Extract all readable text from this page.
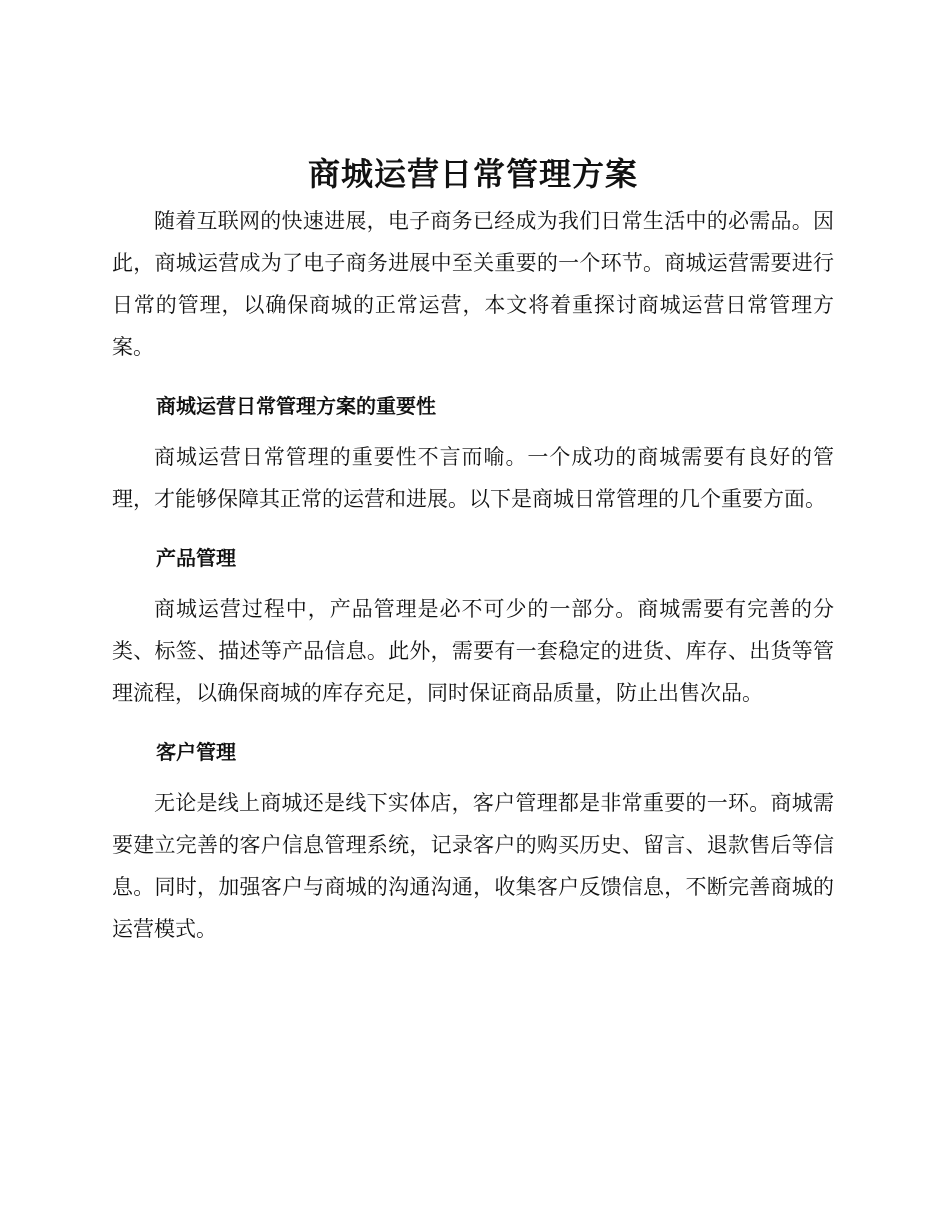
商城运营日常管理方案

随着互联网的快速进展，电子商务已经成为我们日常生活中的必需品。因此，商城运营成为了电子商务进展中至关重要的一个环节。商城运营需要进行日常的管理，以确保商城的正常运营，本文将着重探讨商城运营日常管理方案。

商城运营日常管理方案的重要性

商城运营日常管理的重要性不言而喻。一个成功的商城需要有良好的管理，才能够保障其正常的运营和进展。以下是商城日常管理的几个重要方面。

产品管理

商城运营过程中，产品管理是必不可少的一部分。商城需要有完善的分类、标签、描述等产品信息。此外，需要有一套稳定的进货、库存、出货等管理流程，以确保商城的库存充足，同时保证商品质量，防止出售次品。

客户管理

无论是线上商城还是线下实体店，客户管理都是非常重要的一环。商城需要建立完善的客户信息管理系统，记录客户的购买历史、留言、退款售后等信息。同时，加强客户与商城的沟通沟通，收集客户反馈信息，不断完善商城的运营模式。
